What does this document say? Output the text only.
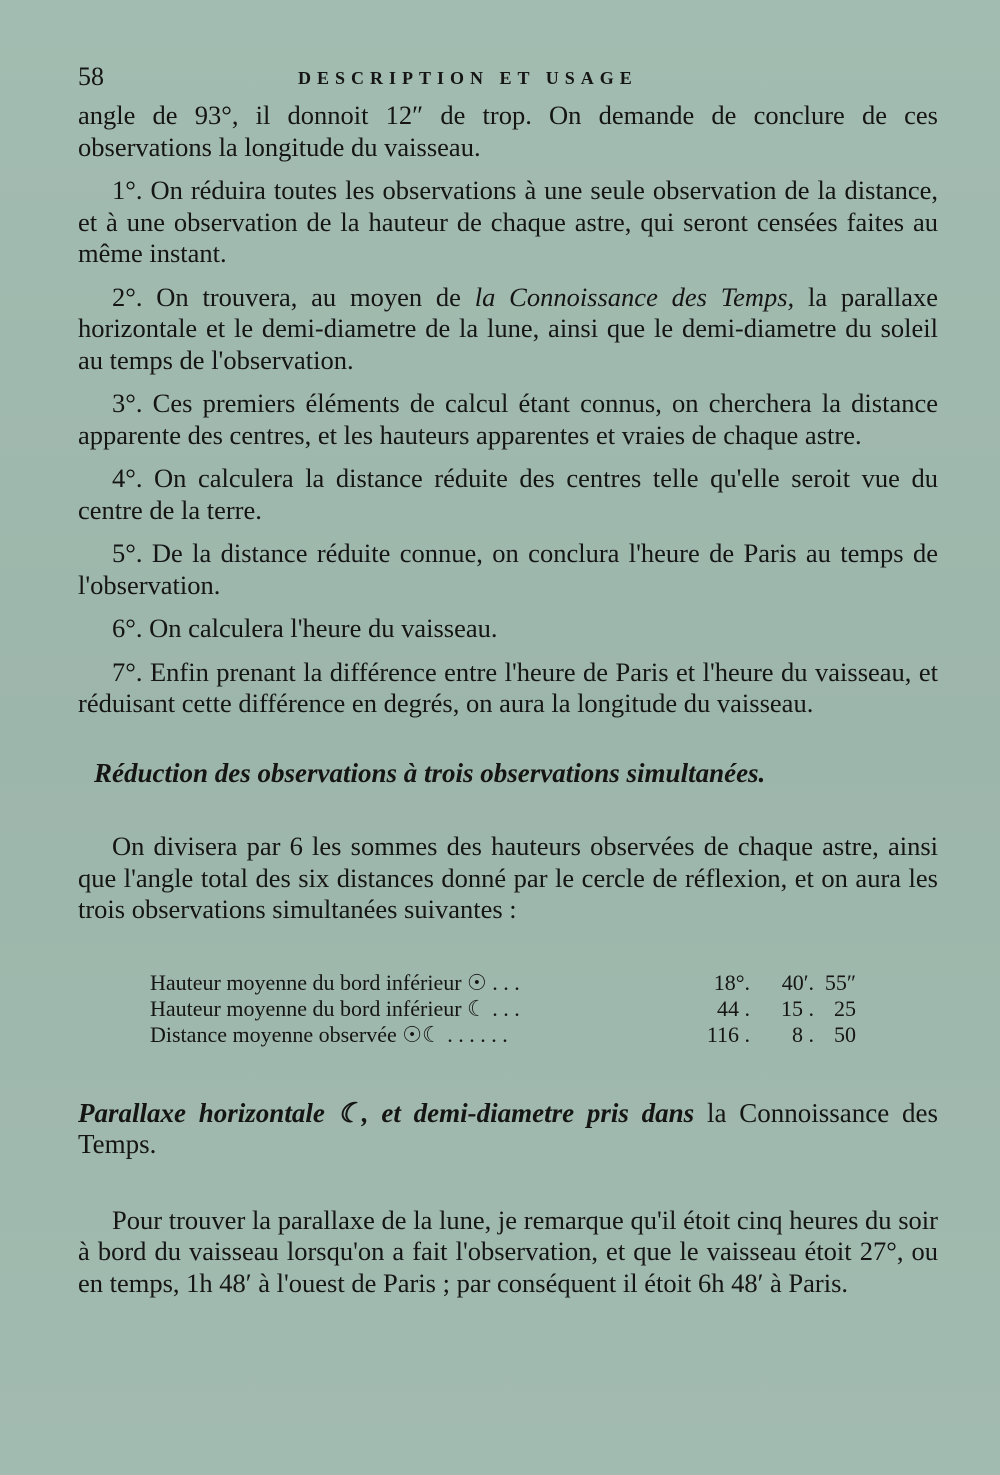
58	DESCRIPTION ET USAGE

angle de 93°, il donnoit 12″ de trop. On demande de conclure de ces observations la longitude du vaisseau.

1°. On réduira toutes les observations à une seule observation de la distance, et à une observation de la hauteur de chaque astre, qui seront censées faites au même instant.

2°. On trouvera, au moyen de la Connoissance des Temps, la parallaxe horizontale et le demi-diametre de la lune, ainsi que le demi-diametre du soleil au temps de l'observation.

3°. Ces premiers éléments de calcul étant connus, on cherchera la distance apparente des centres, et les hauteurs apparentes et vraies de chaque astre.

4°. On calculera la distance réduite des centres telle qu'elle seroit vue du centre de la terre.

5°. De la distance réduite connue, on conclura l'heure de Paris au temps de l'observation.

6°. On calculera l'heure du vaisseau.

7°. Enfin prenant la différence entre l'heure de Paris et l'heure du vaisseau, et réduisant cette différence en degrés, on aura la longitude du vaisseau.

Réduction des observations à trois observations simultanées.

On divisera par 6 les sommes des hauteurs observées de chaque astre, ainsi que l'angle total des six distances donné par le cercle de réflexion, et on aura les trois observations simultanées suivantes :

Hauteur moyenne du bord inférieur ☉ . . .	18°.	40′. 55″
Hauteur moyenne du bord inférieur ☾ . . .	44 .	15 . 25
Distance moyenne observée ☉☾ . . . . . .	116 .	8 . 50

Parallaxe horizontale ☾, et demi-diametre pris dans la Connoissance des Temps.

Pour trouver la parallaxe de la lune, je remarque qu'il étoit cinq heures du soir à bord du vaisseau lorsqu'on a fait l'observation, et que le vaisseau étoit 27°, ou en temps, 1h 48′ à l'ouest de Paris ; par conséquent il étoit 6h 48′ à Paris.
